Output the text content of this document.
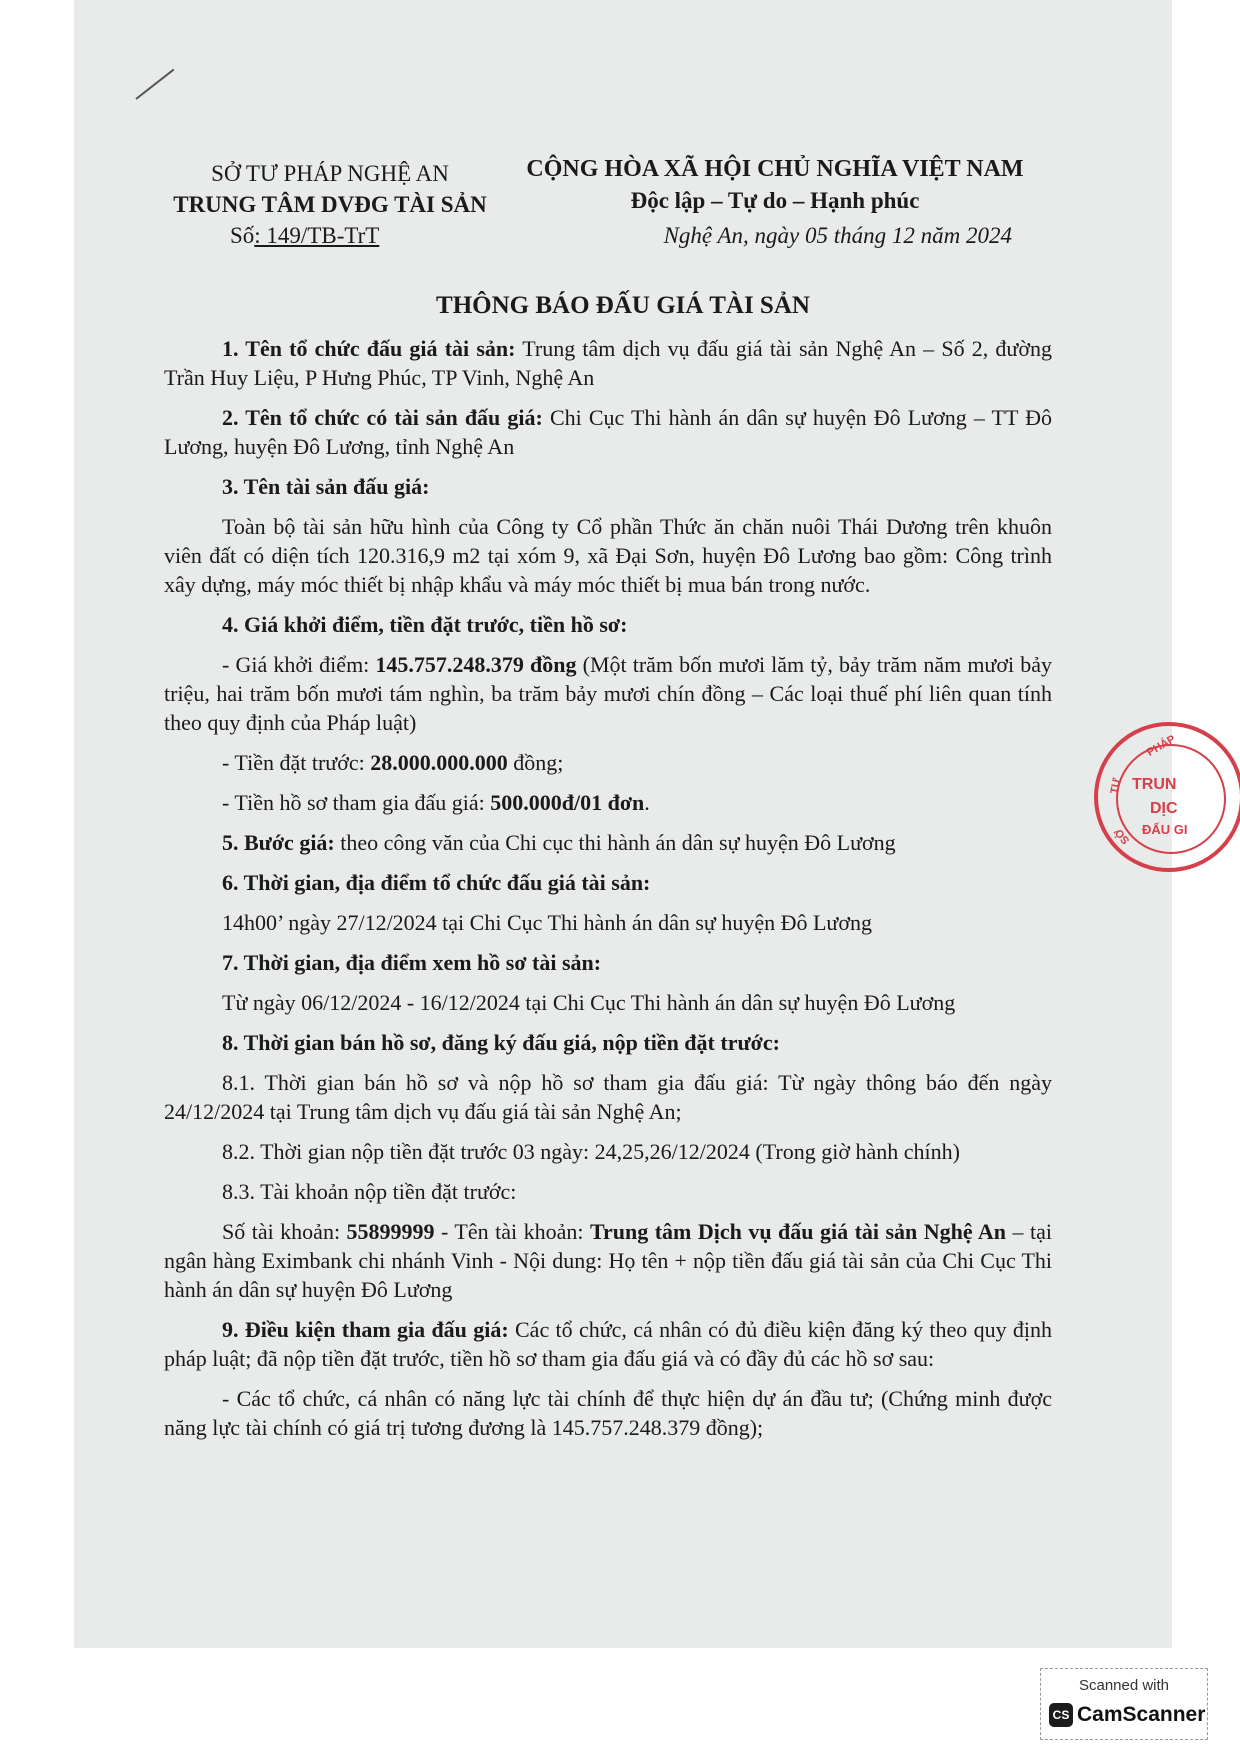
SỞ TƯ PHÁP NGHỆ AN
TRUNG TÂM DVĐG TÀI SẢN
Số: 149/TB-TrT
CỘNG HÒA XÃ HỘI CHỦ NGHĨA VIỆT NAM
Độc lập – Tự do – Hạnh phúc
Nghệ An, ngày 05 tháng 12 năm 2024
THÔNG BÁO ĐẤU GIÁ TÀI SẢN

1. Tên tổ chức đấu giá tài sản: Trung tâm dịch vụ đấu giá tài sản Nghệ An – Số 2, đường Trần Huy Liệu, P Hưng Phúc, TP Vinh, Nghệ An

2. Tên tổ chức có tài sản đấu giá: Chi Cục Thi hành án dân sự huyện Đô Lương – TT Đô Lương, huyện Đô Lương, tỉnh Nghệ An

3. Tên tài sản đấu giá:

Toàn bộ tài sản hữu hình của Công ty Cổ phần Thức ăn chăn nuôi Thái Dương trên khuôn viên đất có diện tích 120.316,9 m2 tại xóm 9, xã Đại Sơn, huyện Đô Lương bao gồm: Công trình xây dựng, máy móc thiết bị nhập khẩu và máy móc thiết bị mua bán trong nước.

4. Giá khởi điểm, tiền đặt trước, tiền hồ sơ:

- Giá khởi điểm: 145.757.248.379 đồng (Một trăm bốn mươi lăm tỷ, bảy trăm năm mươi bảy triệu, hai trăm bốn mươi tám nghìn, ba trăm bảy mươi chín đồng – Các loại thuế phí liên quan tính theo quy định của Pháp luật)

- Tiền đặt trước: 28.000.000.000 đồng;

- Tiền hồ sơ tham gia đấu giá: 500.000đ/01 đơn.

5. Bước giá: theo công văn của Chi cục thi hành án dân sự huyện Đô Lương

6. Thời gian, địa điểm tổ chức đấu giá tài sản:

14h00’ ngày 27/12/2024 tại Chi Cục Thi hành án dân sự huyện Đô Lương

7. Thời gian, địa điểm xem hồ sơ tài sản:

Từ ngày 06/12/2024 - 16/12/2024 tại Chi Cục Thi hành án dân sự huyện Đô Lương

8. Thời gian bán hồ sơ, đăng ký đấu giá, nộp tiền đặt trước:

8.1. Thời gian bán hồ sơ và nộp hồ sơ tham gia đấu giá: Từ ngày thông báo đến ngày 24/12/2024 tại Trung tâm dịch vụ đấu giá tài sản Nghệ An;

8.2. Thời gian nộp tiền đặt trước 03 ngày: 24,25,26/12/2024 (Trong giờ hành chính)

8.3. Tài khoản nộp tiền đặt trước:

Số tài khoản: 55899999 - Tên tài khoản: Trung tâm Dịch vụ đấu giá tài sản Nghệ An – tại ngân hàng Eximbank chi nhánh Vinh - Nội dung: Họ tên + nộp tiền đấu giá tài sản của Chi Cục Thi hành án dân sự huyện Đô Lương

9. Điều kiện tham gia đấu giá: Các tổ chức, cá nhân có đủ điều kiện đăng ký theo quy định pháp luật; đã nộp tiền đặt trước, tiền hồ sơ tham gia đấu giá và có đầy đủ các hồ sơ sau:

- Các tổ chức, cá nhân có năng lực tài chính để thực hiện dự án đầu tư; (Chứng minh được năng lực tài chính có giá trị tương đương là 145.757.248.379 đồng);

PHÁP
TƯ
SỞ
TRUN
DỊC
ĐẤU GI
Scanned with
CS CamScanner
